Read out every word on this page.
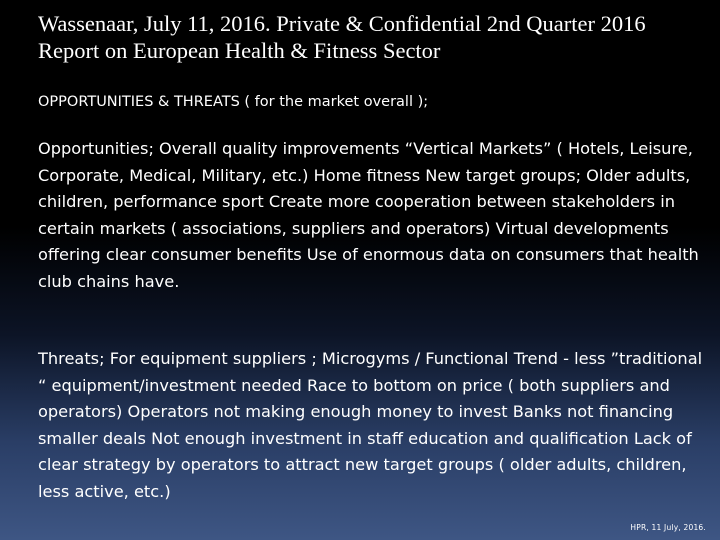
Wassenaar, July 11, 2016. Private & Confidential 2nd Quarter 2016 Report on European Health & Fitness Sector
OPPORTUNITIES & THREATS ( for the market overall );
Opportunities; Overall quality improvements “Vertical Markets” ( Hotels, Leisure, Corporate, Medical, Military, etc.) Home fitness New target groups; Older adults, children, performance sport Create more cooperation between stakeholders in certain markets ( associations, suppliers and operators) Virtual developments offering clear consumer benefits Use of enormous data on consumers that health club chains have.
Threats; For equipment suppliers ; Microgyms / Functional Trend - less ”traditional “ equipment/investment needed Race to bottom on price ( both suppliers and operators) Operators not making enough money to invest Banks not financing smaller deals Not enough investment in staff education and qualification Lack of clear strategy by operators to attract new target groups ( older adults, children, less active, etc.)
HPR, 11 July, 2016.
